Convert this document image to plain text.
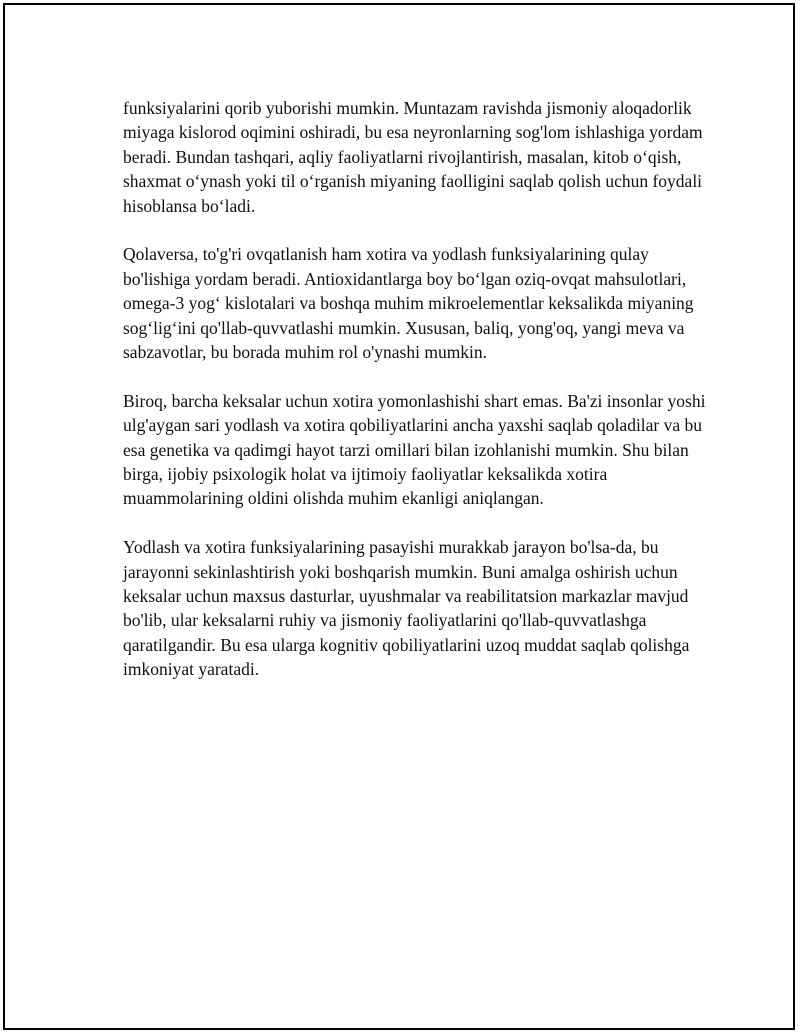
funksiyalarini qorib yuborishi mumkin. Muntazam ravishda jismoniy aloqadorlik miyaga kislorod oqimini oshiradi, bu esa neyronlarning sog'lom ishlashiga yordam beradi. Bundan tashqari, aqliy faoliyatlarni rivojlantirish, masalan, kitob o‘qish, shaxmat o‘ynash yoki til o‘rganish miyaning faolligini saqlab qolish uchun foydali hisoblansa bo‘ladi.

Qolaversa, to'g'ri ovqatlanish ham xotira va yodlash funksiyalarining qulay bo'lishiga yordam beradi. Antioxidantlarga boy bo‘lgan oziq-ovqat mahsulotlari, omega-3 yog‘ kislotalari va boshqa muhim mikroelementlar keksalikda miyaning sog‘lig‘ini qo'llab-quvvatlashi mumkin. Xususan, baliq, yong'oq, yangi meva va sabzavotlar, bu borada muhim rol o'ynashi mumkin.

Biroq, barcha keksalar uchun xotira yomonlashishi shart emas. Ba'zi insonlar yoshi ulg'aygan sari yodlash va xotira qobiliyatlarini ancha yaxshi saqlab qoladilar va bu esa genetika va qadimgi hayot tarzi omillari bilan izohlanishi mumkin. Shu bilan birga, ijobiy psixologik holat va ijtimoiy faoliyatlar keksalikda xotira muammolarining oldini olishda muhim ekanligi aniqlangan.

Yodlash va xotira funksiyalarining pasayishi murakkab jarayon bo'lsa-da, bu jarayonni sekinlashtirish yoki boshqarish mumkin. Buni amalga oshirish uchun keksalar uchun maxsus dasturlar, uyushmalar va reabilitatsion markazlar mavjud bo'lib, ular keksalarni ruhiy va jismoniy faoliyatlarini qo'llab-quvvatlashga qaratilgandir. Bu esa ularga kognitiv qobiliyatlarini uzoq muddat saqlab qolishga imkoniyat yaratadi.
